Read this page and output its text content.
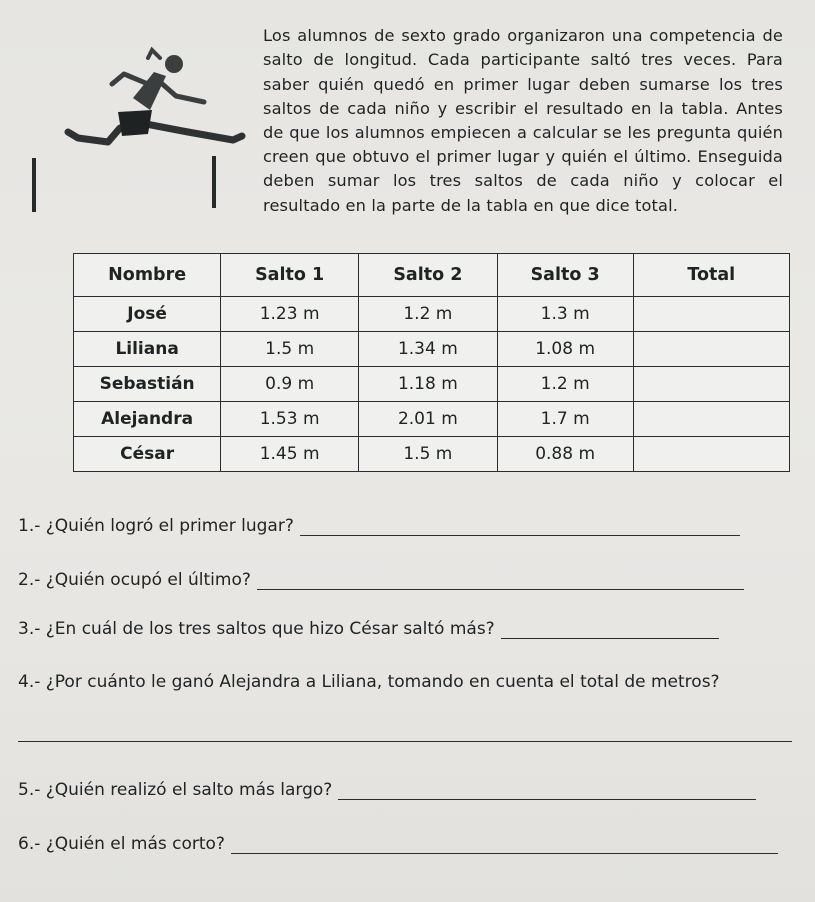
Los alumnos de sexto grado organizaron una competencia de salto de longitud. Cada participante saltó tres veces. Para saber quién quedó en primer lugar deben sumarse los tres saltos de cada niño y escribir el resultado en la tabla. Antes de que los alumnos empiecen a calcular se les pregunta quién creen que obtuvo el primer lugar y quién el último. Enseguida deben sumar los tres saltos de cada niño y colocar el resultado en la parte de la tabla en que dice total.

Nombre	Salto 1	Salto 2	Salto 3	Total
José	1.23 m	1.2 m	1.3 m	
Liliana	1.5 m	1.34 m	1.08 m	
Sebastián	0.9 m	1.18 m	1.2 m	
Alejandra	1.53 m	2.01 m	1.7 m	
César	1.45 m	1.5 m	0.88 m	
1.- ¿Quién logró el primer lugar?
2.- ¿Quién ocupó el último?
3.- ¿En cuál de los tres saltos que hizo César saltó más?
4.- ¿Por cuánto le ganó Alejandra a Liliana, tomando en cuenta el total de metros?
5.- ¿Quién realizó el salto más largo?
6.- ¿Quién el más corto?
